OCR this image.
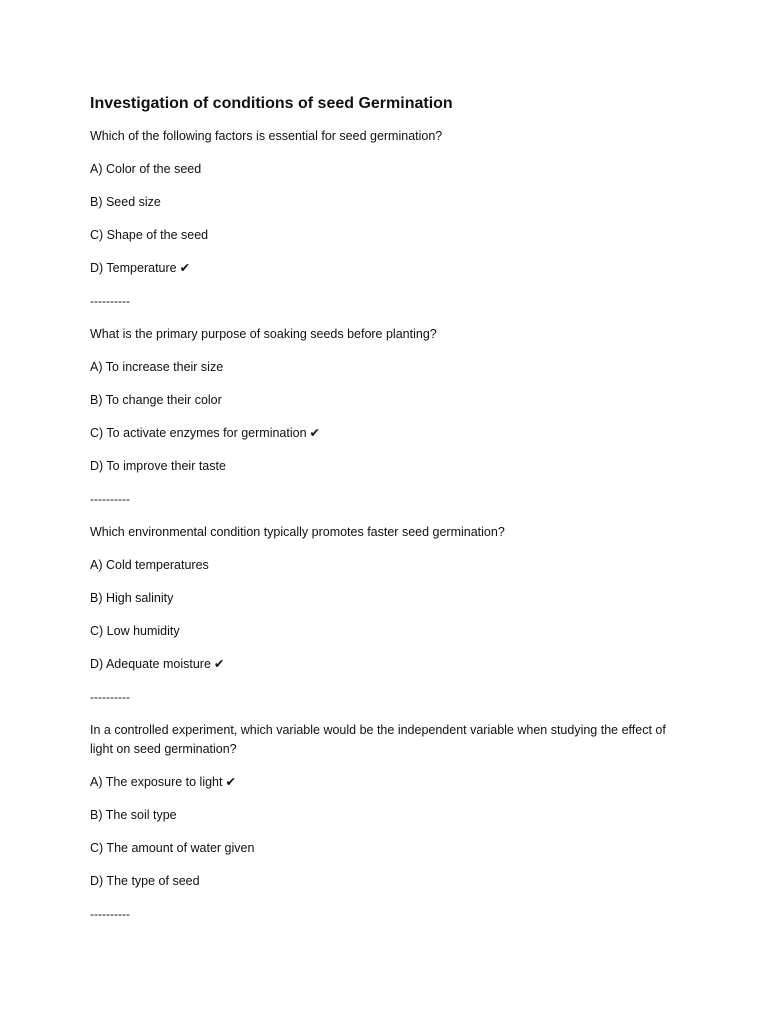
Investigation of conditions of seed Germination
Which of the following factors is essential for seed germination?
A) Color of the seed
B) Seed size
C) Shape of the seed
D) Temperature ✔
----------
What is the primary purpose of soaking seeds before planting?
A) To increase their size
B) To change their color
C) To activate enzymes for germination ✔
D) To improve their taste
----------
Which environmental condition typically promotes faster seed germination?
A) Cold temperatures
B) High salinity
C) Low humidity
D) Adequate moisture ✔
----------
In a controlled experiment, which variable would be the independent variable when studying the effect of light on seed germination?
A) The exposure to light ✔
B) The soil type
C) The amount of water given
D) The type of seed
----------
